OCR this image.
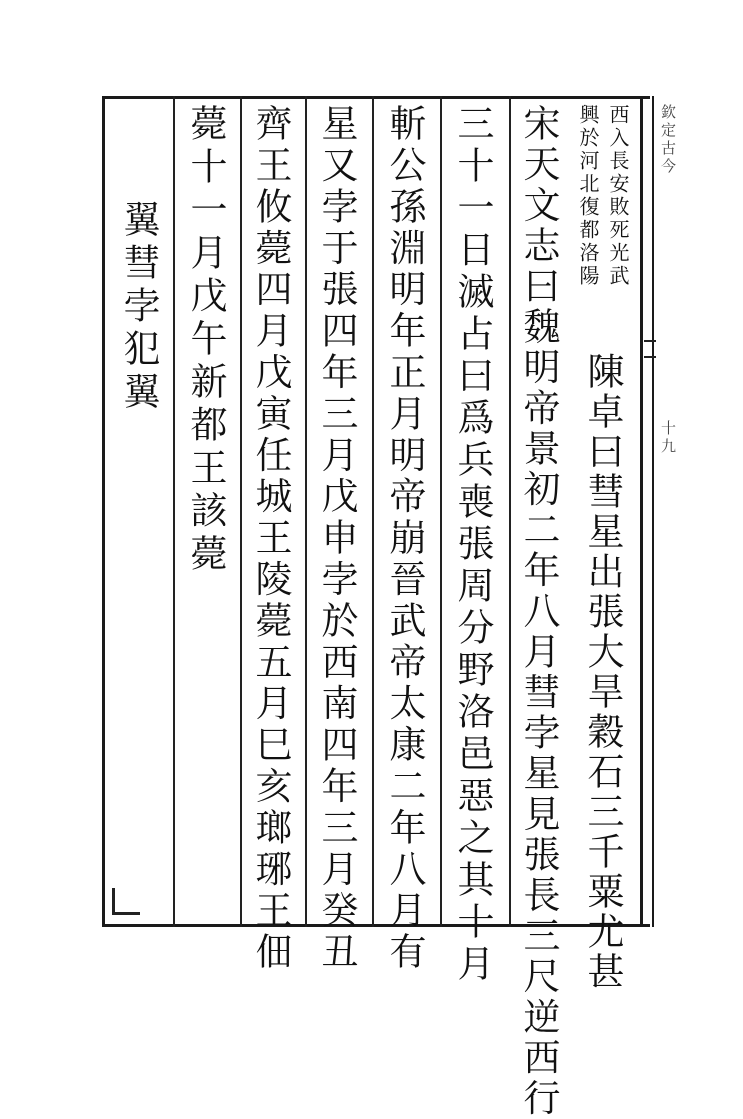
西入長安敗死光武
興於河北復都洛陽
陳卓曰彗星出張大旱穀石三千粟尤甚
宋天文志曰魏明帝景初二年八月彗孛星見張長三尺逆西行
三十一日滅占曰爲兵喪張周分野洛邑惡之其十月
斬公孫淵明年正月明帝崩晉武帝太康二年八月有
星又孛于張四年三月戊申孛於西南四年三月癸丑
齊王攸薨四月戊寅任城王陵薨五月巳亥瑯琊王佃
薨十一月戊午新都王該薨
翼彗孛犯翼
欽定古今
十九
